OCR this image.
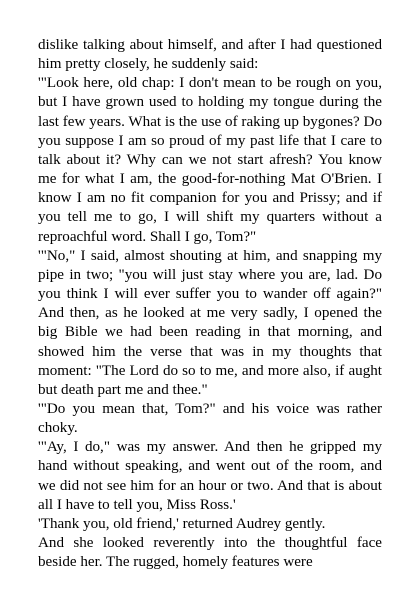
dislike talking about himself, and after I had questioned him pretty closely, he suddenly said:

'"Look here, old chap: I don't mean to be rough on you, but I have grown used to holding my tongue during the last few years. What is the use of raking up bygones? Do you suppose I am so proud of my past life that I care to talk about it? Why can we not start afresh? You know me for what I am, the good-for-nothing Mat O'Brien. I know I am no fit companion for you and Prissy; and if you tell me to go, I will shift my quarters without a reproachful word. Shall I go, Tom?"

'"No," I said, almost shouting at him, and snapping my pipe in two; "you will just stay where you are, lad. Do you think I will ever suffer you to wander off again?" And then, as he looked at me very sadly, I opened the big Bible we had been reading in that morning, and showed him the verse that was in my thoughts that moment: "The Lord do so to me, and more also, if aught but death part me and thee."

'"Do you mean that, Tom?" and his voice was rather choky.

'"Ay, I do," was my answer. And then he gripped my hand without speaking, and went out of the room, and we did not see him for an hour or two. And that is about all I have to tell you, Miss Ross.'

'Thank you, old friend,' returned Audrey gently.

And she looked reverently into the thoughtful face beside her. The rugged, homely features were
